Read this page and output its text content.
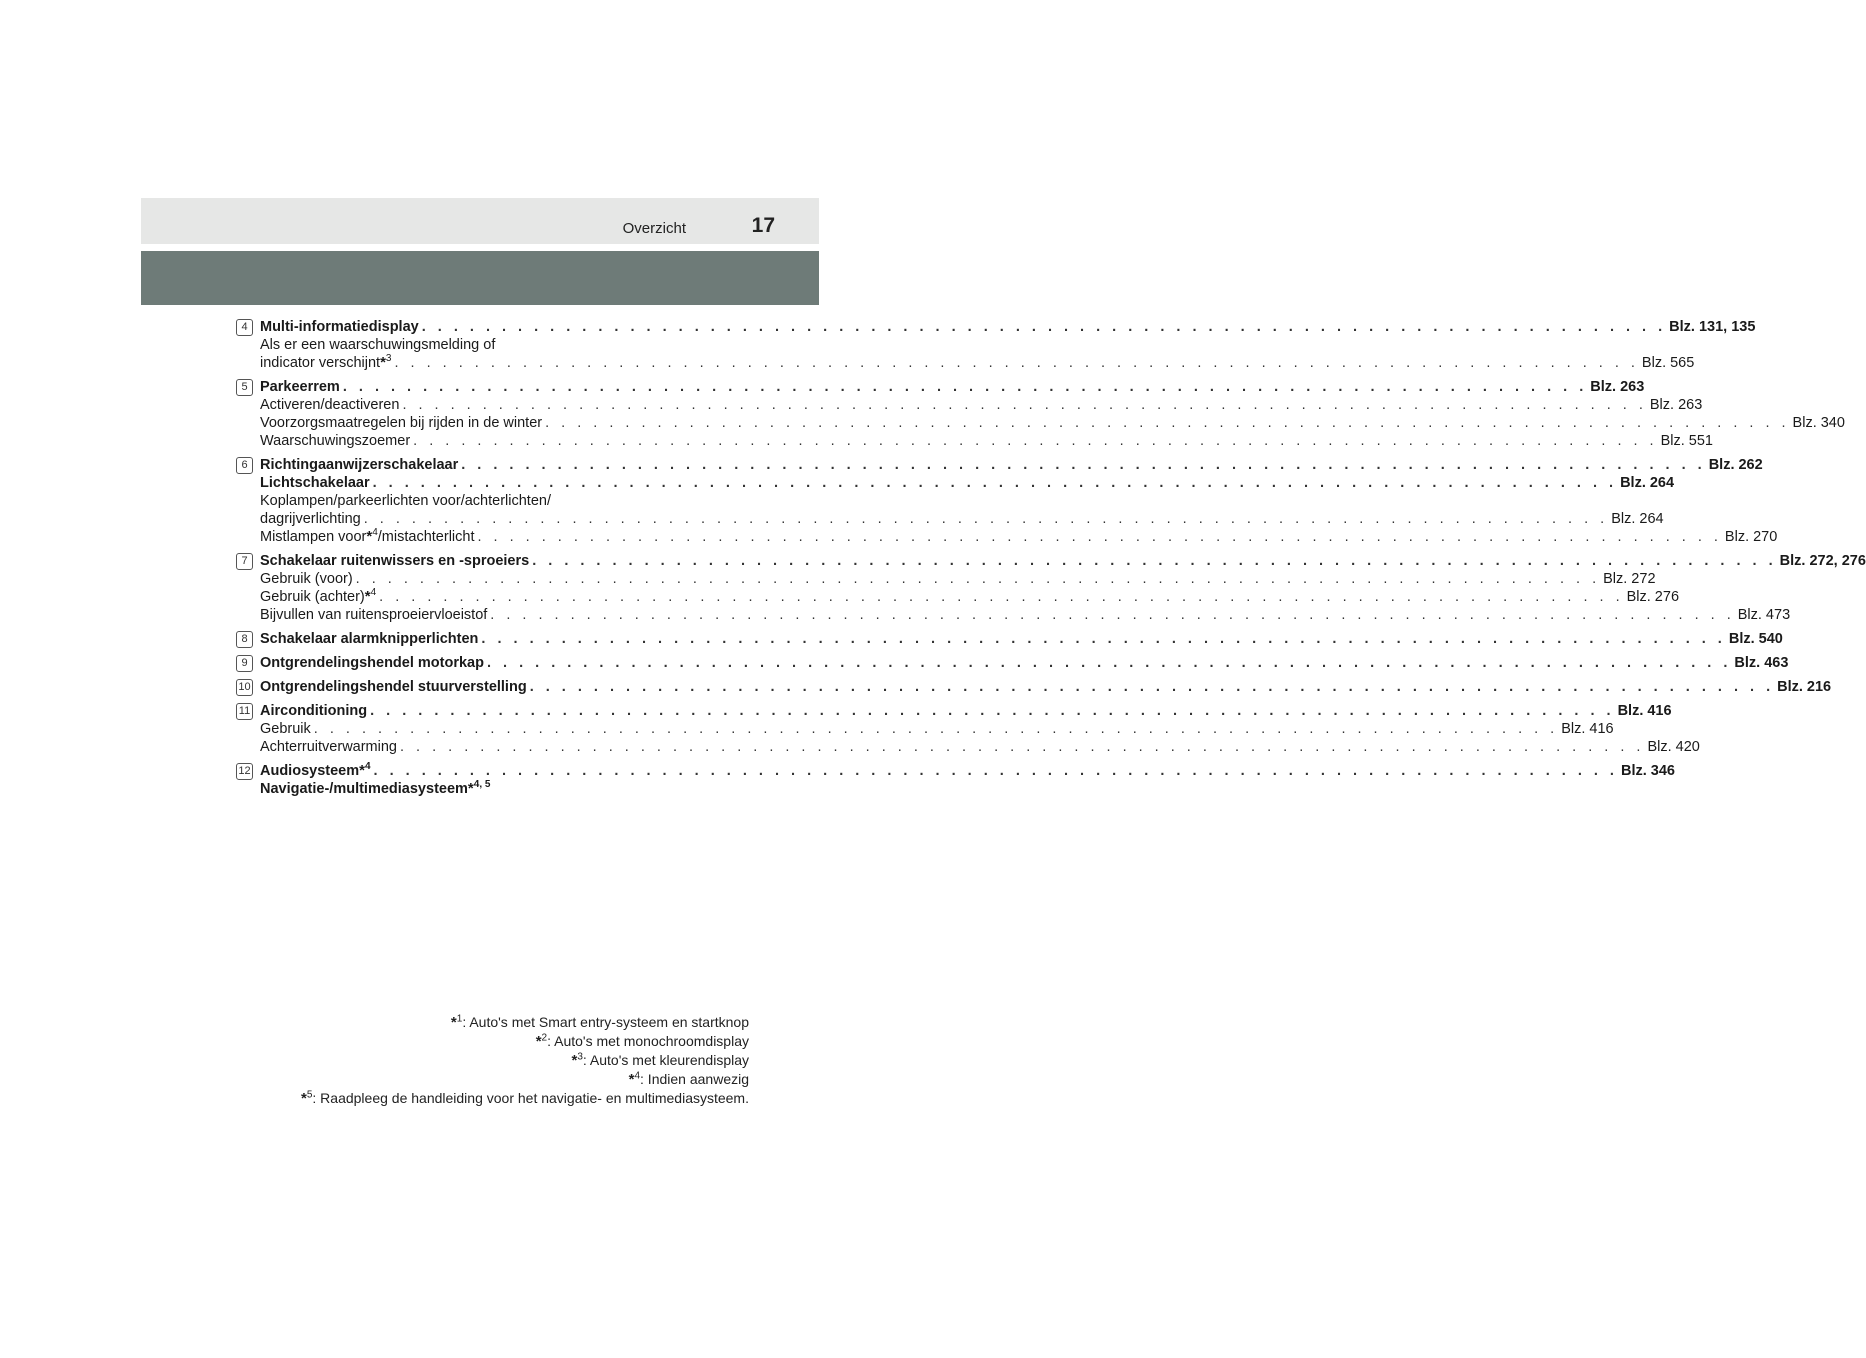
Overzicht	17
4 Multi-informatiedisplay . . . . . . . . . . . . . . . . . . . . . . . . . . . . . . . . . . . . . . . . . . . . . . . . . . . . . . . . . . . . . . . . . . . . . . . . . . . . . . Blz. 131, 135
Als er een waarschuwingsmelding of
indicator verschijnt*$^3$ . . . . . . . . . . . . . . . . . . . . . . . . . . . . . . . . . . . . . . . . . . . . . . . . . . . . . . . . . . . . . . . . . . . . . . . . . . . . . . Blz. 565
5 Parkeerrem . . . . . . . . . . . . . . . . . . . . . . . . . . . . . . . . . . . . . . . . . . . . . . . . . . . . . . . . . . . . . . . . . . . . . . . . . . . . . . Blz. 263
Activeren/deactiveren . . . . . . . . . . . . . . . . . . . . . . . . . . . . . . . . . . . . . . . . . . . . . . . . . . . . . . . . . . . . . . . . . . . . . . . . . . . . . . Blz. 263
Voorzorgsmaatregelen bij rijden in de winter . . . . . . . . . . . . . . . . . . . . . . . . . . . . . . . . . . . . . . . . . . . . . . . . . . . . . . . . . . . . . . . . . . . . . . . . . . . . . . Blz. 340
Waarschuwingszoemer . . . . . . . . . . . . . . . . . . . . . . . . . . . . . . . . . . . . . . . . . . . . . . . . . . . . . . . . . . . . . . . . . . . . . . . . . . . . . . Blz. 551
6 Richtingaanwijzerschakelaar . . . . . . . . . . . . . . . . . . . . . . . . . . . . . . . . . . . . . . . . . . . . . . . . . . . . . . . . . . . . . . . . . . . . . . . . . . . . . . Blz. 262
Lichtschakelaar . . . . . . . . . . . . . . . . . . . . . . . . . . . . . . . . . . . . . . . . . . . . . . . . . . . . . . . . . . . . . . . . . . . . . . . . . . . . . . Blz. 264
Koplampen/parkeerlichten voor/achterlichten/
dagrijverlichting . . . . . . . . . . . . . . . . . . . . . . . . . . . . . . . . . . . . . . . . . . . . . . . . . . . . . . . . . . . . . . . . . . . . . . . . . . . . . . Blz. 264
Mistlampen voor*$^4$/mistachterlicht . . . . . . . . . . . . . . . . . . . . . . . . . . . . . . . . . . . . . . . . . . . . . . . . . . . . . . . . . . . . . . . . . . . . . . . . . . . . . . Blz. 270
7 Schakelaar ruitenwissers en -sproeiers . . . . . . . . . . . . . . . . . . . . . . . . . . . . . . . . . . . . . . . . . . . . . . . . . . . . . . . . . . . . . . . . . . . . . . . . . . . . . . Blz. 272, 276
Gebruik (voor) . . . . . . . . . . . . . . . . . . . . . . . . . . . . . . . . . . . . . . . . . . . . . . . . . . . . . . . . . . . . . . . . . . . . . . . . . . . . . . Blz. 272
Gebruik (achter)*$^4$ . . . . . . . . . . . . . . . . . . . . . . . . . . . . . . . . . . . . . . . . . . . . . . . . . . . . . . . . . . . . . . . . . . . . . . . . . . . . . . Blz. 276
Bijvullen van ruitensproeiervloeistof . . . . . . . . . . . . . . . . . . . . . . . . . . . . . . . . . . . . . . . . . . . . . . . . . . . . . . . . . . . . . . . . . . . . . . . . . . . . . . Blz. 473
8 Schakelaar alarmknipperlichten . . . . . . . . . . . . . . . . . . . . . . . . . . . . . . . . . . . . . . . . . . . . . . . . . . . . . . . . . . . . . . . . . . . . . . . . . . . . . . Blz. 540
9 Ontgrendelingshendel motorkap . . . . . . . . . . . . . . . . . . . . . . . . . . . . . . . . . . . . . . . . . . . . . . . . . . . . . . . . . . . . . . . . . . . . . . . . . . . . . . Blz. 463
10 Ontgrendelingshendel stuurverstelling . . . . . . . . . . . . . . . . . . . . . . . . . . . . . . . . . . . . . . . . . . . . . . . . . . . . . . . . . . . . . . . . . . . . . . . . . . . . . . Blz. 216
11 Airconditioning . . . . . . . . . . . . . . . . . . . . . . . . . . . . . . . . . . . . . . . . . . . . . . . . . . . . . . . . . . . . . . . . . . . . . . . . . . . . . . Blz. 416
Gebruik . . . . . . . . . . . . . . . . . . . . . . . . . . . . . . . . . . . . . . . . . . . . . . . . . . . . . . . . . . . . . . . . . . . . . . . . . . . . . . Blz. 416
Achterruitverwarming . . . . . . . . . . . . . . . . . . . . . . . . . . . . . . . . . . . . . . . . . . . . . . . . . . . . . . . . . . . . . . . . . . . . . . . . . . . . . . Blz. 420
12 Audiosysteem*$^4$ . . . . . . . . . . . . . . . . . . . . . . . . . . . . . . . . . . . . . . . . . . . . . . . . . . . . . . . . . . . . . . . . . . . . . . . . . . . . . . Blz. 346
Navigatie-/multimediasysteem*$^{4, 5}$
*$^1$: Auto's met Smart entry-systeem en startknop
*$^2$: Auto's met monochroomdisplay
*$^3$: Auto's met kleurendisplay
*$^4$: Indien aanwezig
*$^5$: Raadpleeg de handleiding voor het navigatie- en multimediasysteem.
